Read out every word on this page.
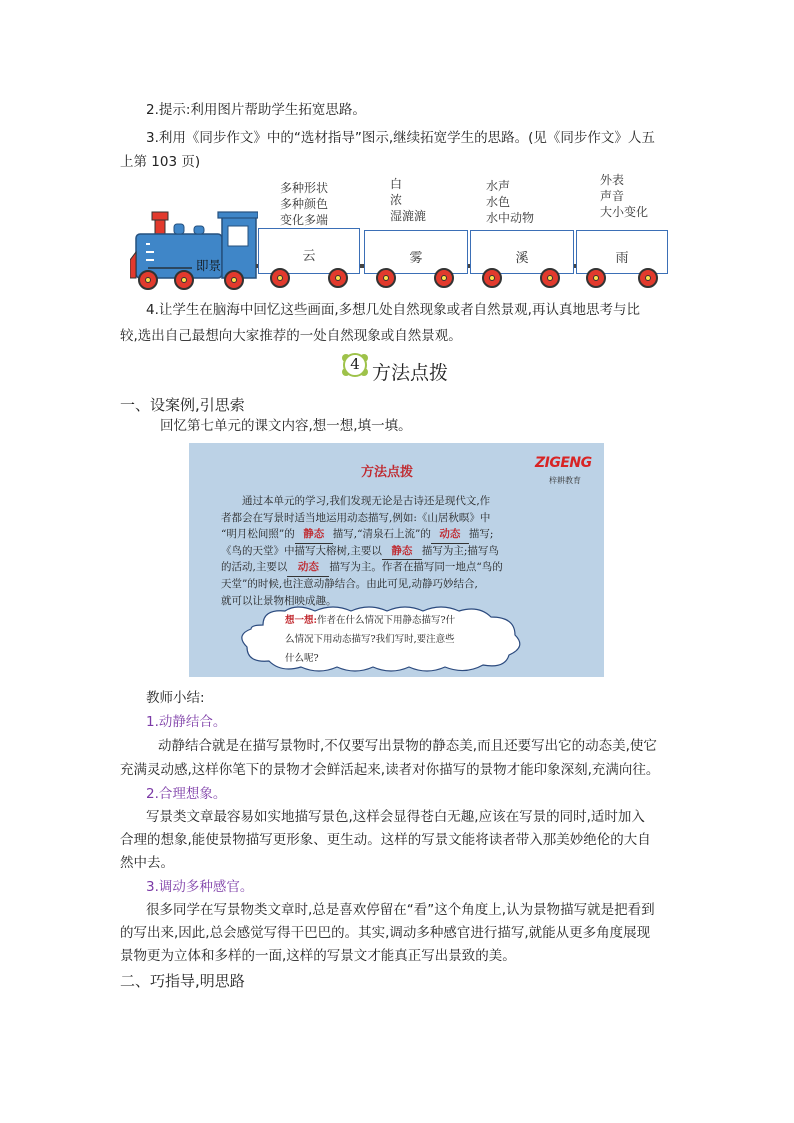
2.提示:利用图片帮助学生拓宽思路。
3.利用《同步作文》中的“选材指导”图示,继续拓宽学生的思路。(见《同步作文》人五
上第 103 页)
多种形状
多种颜色
变化多端
白
浓
湿漉漉
水声
水色
水中动物
外表
声音
大小变化
即景
云	雾	溪	雨
4.让学生在脑海中回忆这些画面,多想几处自然现象或者自然景观,再认真地思考与比
较,选出自己最想向大家推荐的一处自然现象或自然景观。
4 方法点拨
一、设案例,引思索
回忆第七单元的课文内容,想一想,填一填。
方法点拨
ZIGENG
梓耕教育
通过本单元的学习,我们发现无论是古诗还是现代文,作
者都会在写景时适当地运用动态描写,例如:《山居秋暝》中
“明月松间照”的 静态 描写,“清泉石上流”的 动态 描写;
《鸟的天堂》中描写大榕树,主要以 静态 描写为主;描写鸟
的活动,主要以 动态 描写为主。作者在描写同一地点“鸟的
天堂”的时候,也注意动静结合。由此可见,动静巧妙结合,
就可以让景物相映成趣。
想一想:作者在什么情况下用静态描写?什
么情况下用动态描写?我们写时,要注意些
什么呢?
教师小结:
1.动静结合。
动静结合就是在描写景物时,不仅要写出景物的静态美,而且还要写出它的动态美,使它
充满灵动感,这样你笔下的景物才会鲜活起来,读者对你描写的景物才能印象深刻,充满向往。
2.合理想象。
写景类文章最容易如实地描写景色,这样会显得苍白无趣,应该在写景的同时,适时加入
合理的想象,能使景物描写更形象、更生动。这样的写景文能将读者带入那美妙绝伦的大自
然中去。
3.调动多种感官。
很多同学在写景物类文章时,总是喜欢停留在“看”这个角度上,认为景物描写就是把看到
的写出来,因此,总会感觉写得干巴巴的。其实,调动多种感官进行描写,就能从更多角度展现
景物更为立体和多样的一面,这样的写景文才能真正写出景致的美。
二、巧指导,明思路
